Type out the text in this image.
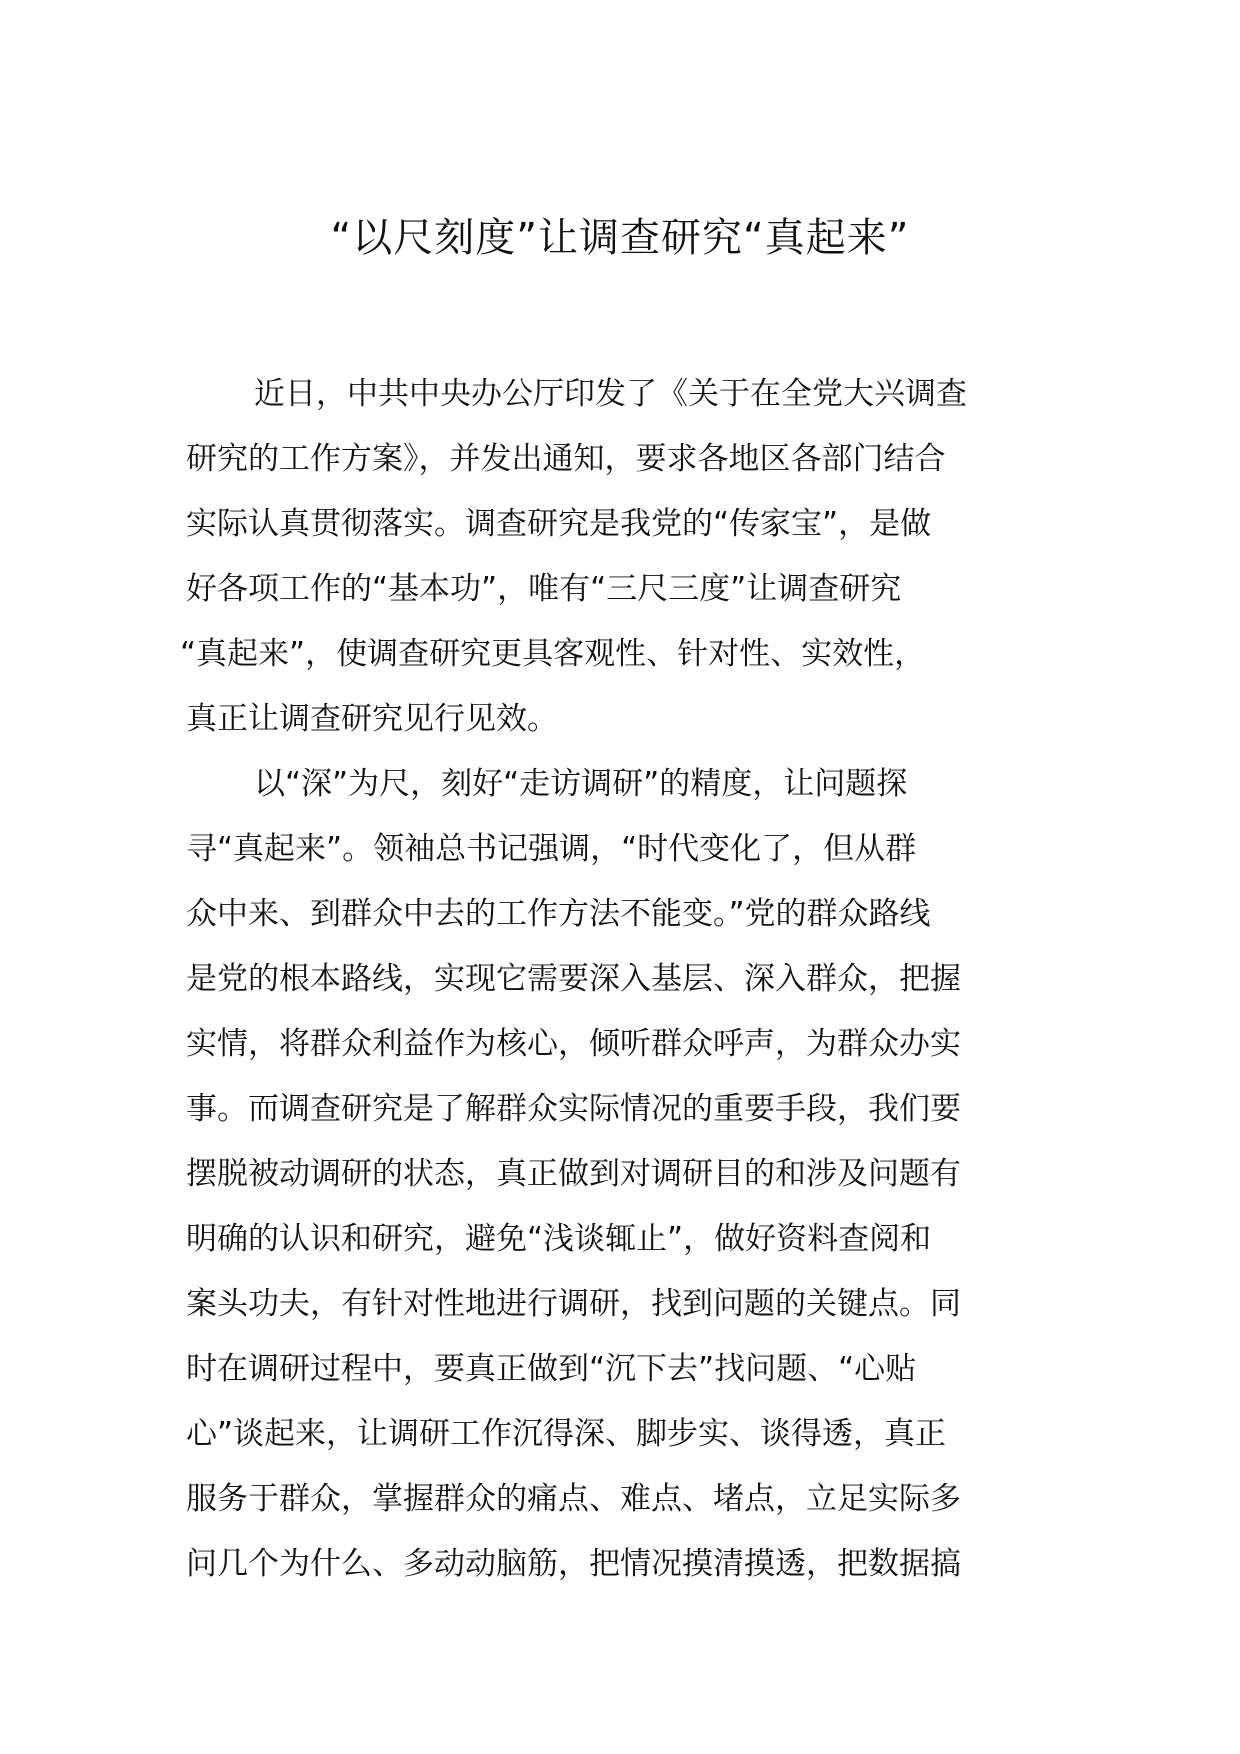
“以尺刻度”让调查研究“真起来”
近日，中共中央办公厅印发了《关于在全党大兴调查
研究的工作方案》，并发出通知，要求各地区各部门结合
实际认真贯彻落实。调查研究是我党的“传家宝”，是做
好各项工作的“基本功”，唯有“三尺三度”让调查研究
“真起来”，使调查研究更具客观性、针对性、实效性，
真正让调查研究见行见效。
以“深”为尺，刻好“走访调研”的精度，让问题探
寻“真起来”。领袖总书记强调，“时代变化了，但从群
众中来、到群众中去的工作方法不能变。”党的群众路线
是党的根本路线，实现它需要深入基层、深入群众，把握
实情，将群众利益作为核心，倾听群众呼声，为群众办实
事。而调查研究是了解群众实际情况的重要手段，我们要
摆脱被动调研的状态，真正做到对调研目的和涉及问题有
明确的认识和研究，避免“浅谈辄止”，做好资料查阅和
案头功夫，有针对性地进行调研，找到问题的关键点。同
时在调研过程中，要真正做到“沉下去”找问题、“心贴
心”谈起来，让调研工作沉得深、脚步实、谈得透，真正
服务于群众，掌握群众的痛点、难点、堵点，立足实际多
问几个为什么、多动动脑筋，把情况摸清摸透，把数据搞
